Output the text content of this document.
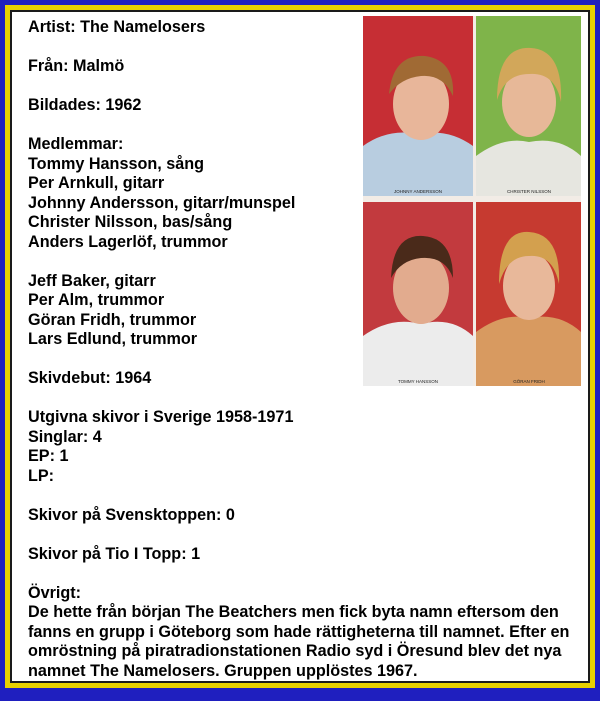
Artist: The Namelosers

Från: Malmö

Bildades: 1962

Medlemmar:
Tommy Hansson, sång
Per Arnkull, gitarr
Johnny Andersson, gitarr/munspel
Christer Nilsson, bas/sång
Anders Lagerlöf, trummor

Jeff Baker, gitarr
Per Alm, trummor
Göran Fridh, trummor
Lars Edlund, trummor

Skivdebut: 1964

Utgivna skivor i Sverige 1958-1971
Singlar: 4
EP: 1
LP:

Skivor på Svensktoppen: 0

Skivor på Tio I Topp: 1

Övrigt:
De hette från början The Beatchers men fick byta namn eftersom den fanns en grupp i Göteborg som hade rättigheterna till namnet. Efter en omröstning på piratradionstationen Radio syd i Öresund blev det nya namnet The Namelosers. Gruppen upplöstes 1967.

JOHNNY ANDERSSON	CHRISTER NILSSON
TOMMY HANSSON	GÖRAN FRIDH
